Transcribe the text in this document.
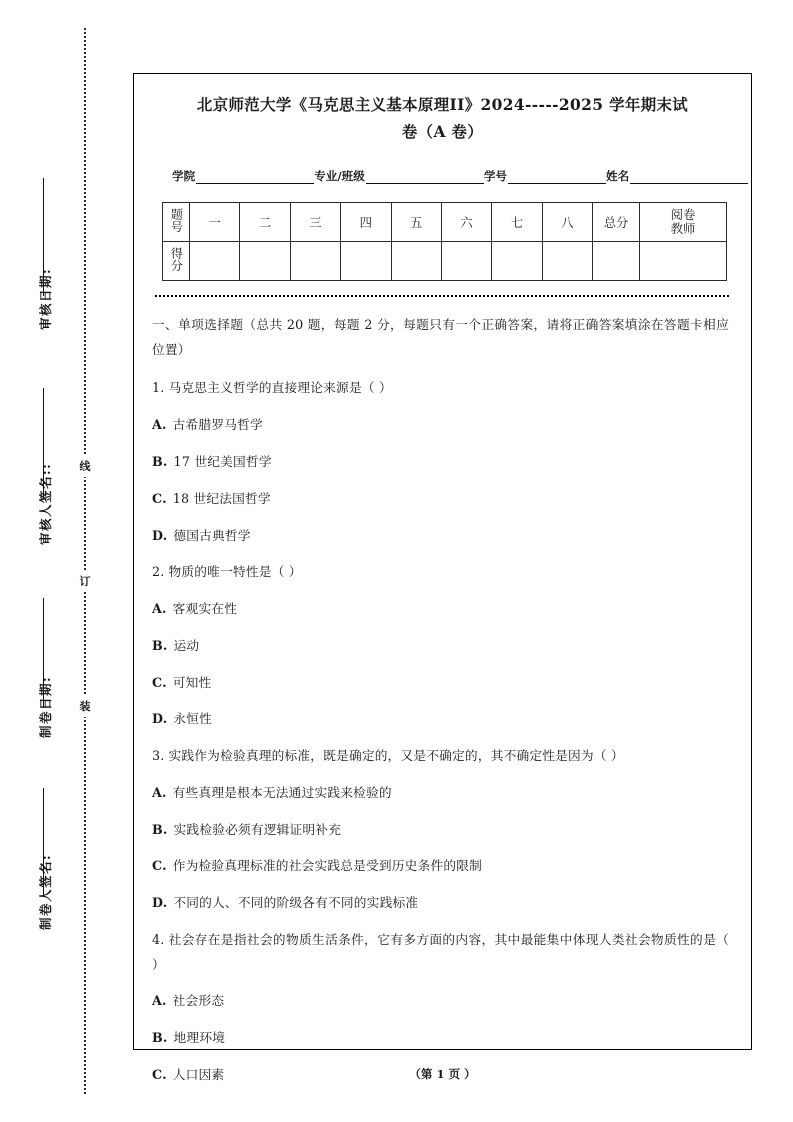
审核日期:
审核人签名::
制卷日期:
制卷人签名:
线
订
装
北京师范大学《马克思主义基本原理II》2024-----2025 学年期末试
卷（A 卷）
学院	专业/班级	学号	姓名
题号	一	二	三	四	五	六	七	八	总分	阅卷
教师

得分										

一、单项选择题（总共 20 题，每题 2 分，每题只有一个正确答案，请将正确答案填涂在答题卡相应位置）

1. 马克思主义哲学的直接理论来源是（ ）

A. 古希腊罗马哲学

B. 17 世纪美国哲学

C. 18 世纪法国哲学

D. 德国古典哲学

2. 物质的唯一特性是（ ）

A. 客观实在性

B. 运动

C. 可知性

D. 永恒性

3. 实践作为检验真理的标准，既是确定的，又是不确定的，其不确定性是因为（ ）

A. 有些真理是根本无法通过实践来检验的

B. 实践检验必须有逻辑证明补充

C. 作为检验真理标准的社会实践总是受到历史条件的限制

D. 不同的人、不同的阶级各有不同的实践标准

4. 社会存在是指社会的物质生活条件，它有多方面的内容，其中最能集中体现人类社会物质性的是（ ）

A. 社会形态

B. 地理环境

C. 人口因素	（第 1 页 ）
